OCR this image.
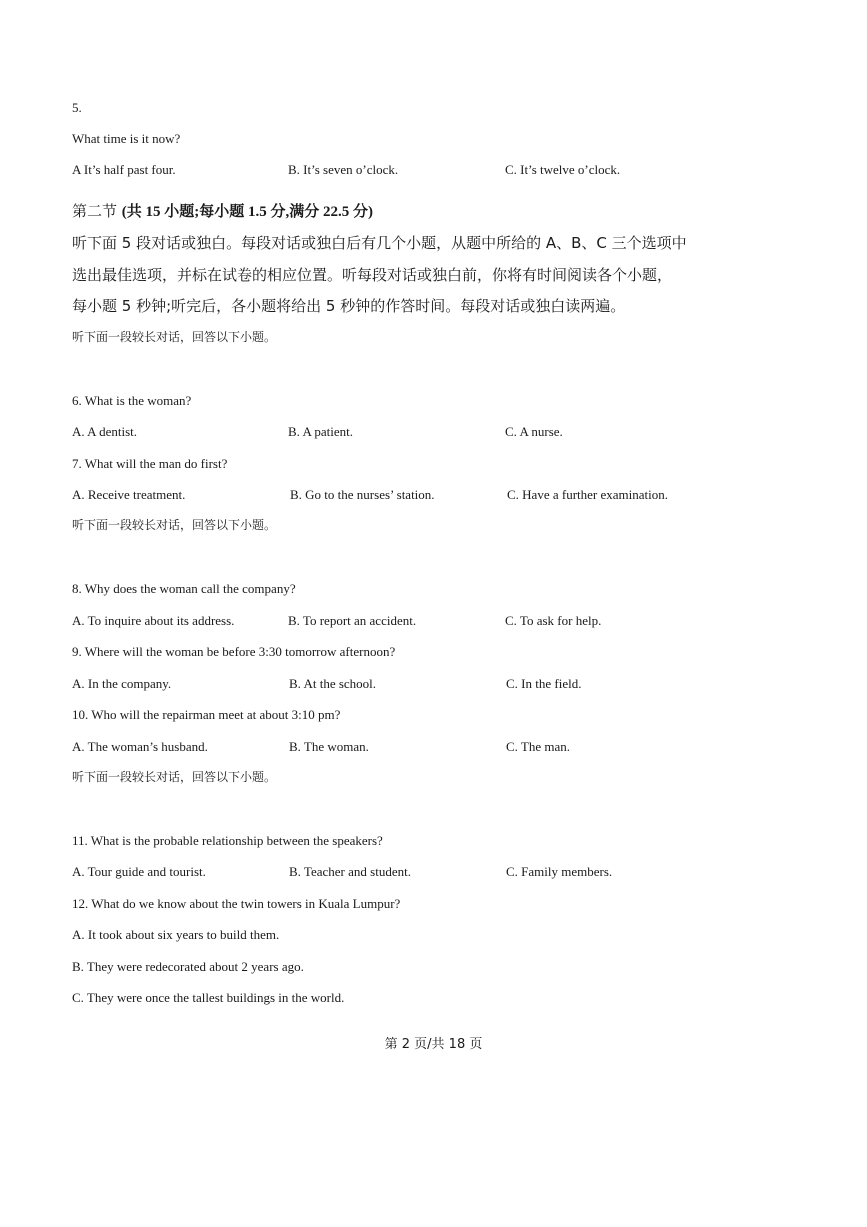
5.
What time is it now?
A It’s half past four.	B. It’s seven o’clock.	C. It’s twelve o’clock.
第二节 (共 15 小题;每小题 1.5 分,满分 22.5 分)
听下面 5 段对话或独白。每段对话或独白后有几个小题，从题中所给的 A、B、C 三个选项中
选出最佳选项，并标在试卷的相应位置。听每段对话或独白前，你将有时间阅读各个小题，
每小题 5 秒钟;听完后，各小题将给出 5 秒钟的作答时间。每段对话或独白读两遍。
听下面一段较长对话，回答以下小题。
6. What is the woman?
A. A dentist.	B. A patient.	C. A nurse.
7. What will the man do first?
A. Receive treatment.	B. Go to the nurses’ station.	C. Have a further examination.
听下面一段较长对话，回答以下小题。
8. Why does the woman call the company?
A. To inquire about its address.	B. To report an accident.	C. To ask for help.
9. Where will the woman be before 3:30 tomorrow afternoon?
A. In the company.	B. At the school.	C. In the field.
10. Who will the repairman meet at about 3:10 pm?
A. The woman’s husband.	B. The woman.	C. The man.
听下面一段较长对话，回答以下小题。
11. What is the probable relationship between the speakers?
A. Tour guide and tourist.	B. Teacher and student.	C. Family members.
12. What do we know about the twin towers in Kuala Lumpur?
A. It took about six years to build them.
B. They were redecorated about 2 years ago.
C. They were once the tallest buildings in the world.
第 2 页/共 18 页
